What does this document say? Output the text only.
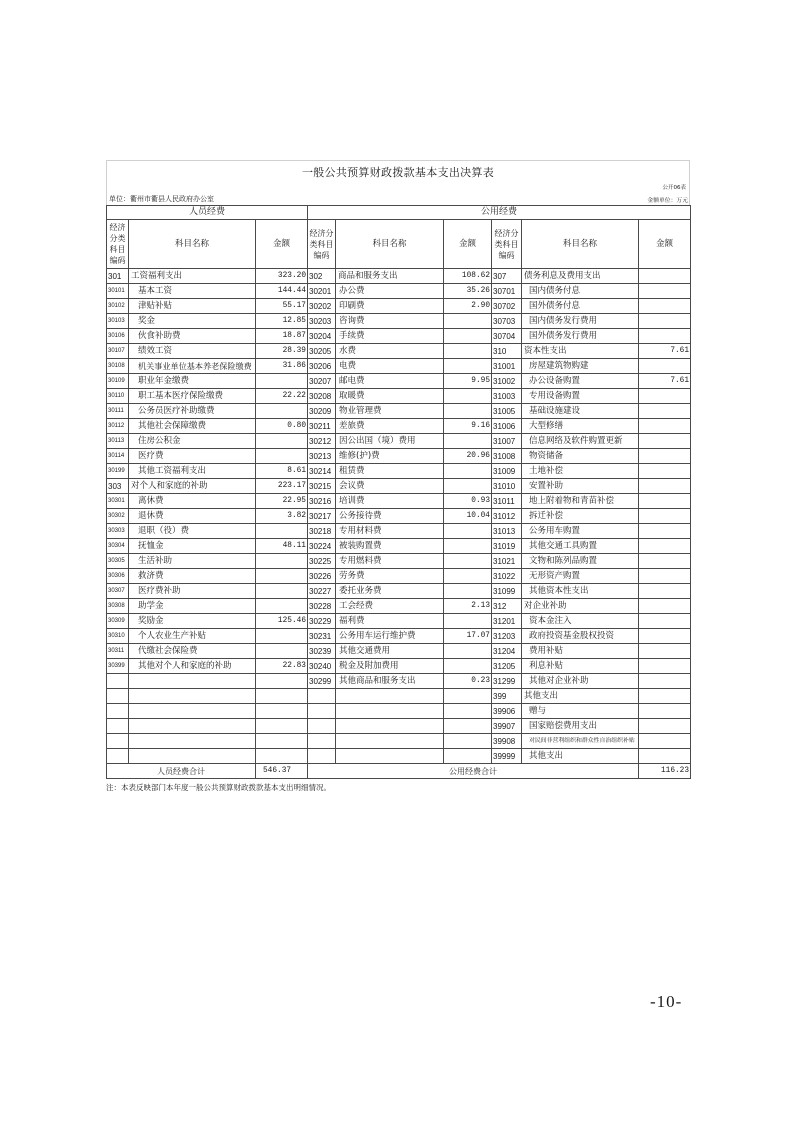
一般公共预算财政拨款基本支出决算表
公开06表
单位：衢州市衢县人民政府办公室	金额单位：万元
人员经费			公用经费					
经济分类科目编码	科目名称	金额	经济分类科目编码	科目名称	金额	经济分类科目编码	科目名称	金额
301	工资福利支出	323.20	302	商品和服务支出	108.62	307	债务利息及费用支出	
30101	基本工资	144.44	30201	办公费	35.26	30701	国内债务付息	
30102	津贴补贴	55.17	30202	印刷费	2.90	30702	国外债务付息	
30103	奖金	12.85	30203	咨询费		30703	国内债务发行费用	
30106	伙食补助费	18.87	30204	手续费		30704	国外债务发行费用	
30107	绩效工资	28.39	30205	水费		310	资本性支出	7.61
30108	机关事业单位基本养老保险缴费	31.86	30206	电费		31001	房屋建筑物购建	
30109	职业年金缴费		30207	邮电费	9.95	31002	办公设备购置	7.61
30110	职工基本医疗保险缴费	22.22	30208	取暖费		31003	专用设备购置	
30111	公务员医疗补助缴费		30209	物业管理费		31005	基础设施建设	
30112	其他社会保障缴费	0.80	30211	差旅费	9.16	31006	大型修缮	
30113	住房公积金		30212	因公出国（境）费用		31007	信息网络及软件购置更新	
30114	医疗费		30213	维修(护)费	20.96	31008	物资储备	
30199	其他工资福利支出	8.61	30214	租赁费		31009	土地补偿	
303	对个人和家庭的补助	223.17	30215	会议费		31010	安置补助	
30301	离休费	22.95	30216	培训费	0.93	31011	地上附着物和青苗补偿	
30302	退休费	3.82	30217	公务接待费	10.04	31012	拆迁补偿	
30303	退职（役）费		30218	专用材料费		31013	公务用车购置	
30304	抚恤金	48.11	30224	被装购置费		31019	其他交通工具购置	
30305	生活补助		30225	专用燃料费		31021	文物和陈列品购置	
30306	救济费		30226	劳务费		31022	无形资产购置	
30307	医疗费补助		30227	委托业务费		31099	其他资本性支出	
30308	助学金		30228	工会经费	2.13	312	对企业补助	
30309	奖励金	125.46	30229	福利费		31201	资本金注入	
30310	个人农业生产补贴		30231	公务用车运行维护费	17.07	31203	政府投资基金股权投资	
30311	代缴社会保险费		30239	其他交通费用		31204	费用补贴	
30399	其他对个人和家庭的补助	22.83	30240	税金及附加费用		31205	利息补贴	
			30299	其他商品和服务支出	0.23	31299	其他对企业补助	
						399	其他支出	
						39906	赠与	
						39907	国家赔偿费用支出	
						39908	对民间非营利组织和群众性自治组织补贴	
						39999	其他支出	
人员经费合计		546.37	公用经费合计					116.23
注：本表反映部门本年度一般公共预算财政拨款基本支出明细情况。
-10-
